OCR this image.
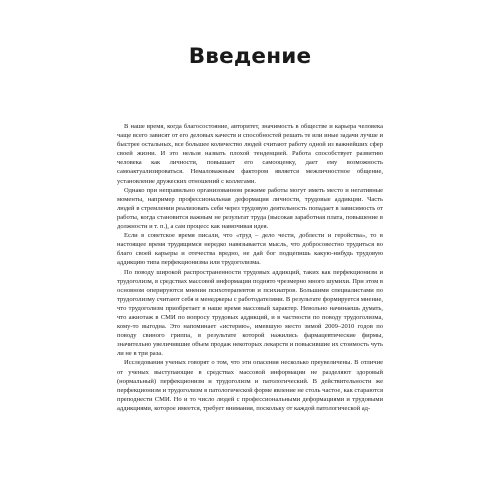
Введение

В наше время, когда благосостояние, авторитет, значимость в обществе и карьера человека чаще всего зависят от его деловых качеств и способностей решать те или иные задачи лучше и быстрее остальных, все большее количество людей считают работу одной из важнейших сфер своей жизни. И это нельзя назвать плохой тенденцией. Работа способствует развитию человека как личности, повышает его самооценку, дает ему возможность самоактуализироваться. Немаловажным фактором является межличностное общение, установление дружеских отношений с коллегами.

Однако при неправильно организованном режиме работы могут иметь место и негативные моменты, например профессиональная деформация личности, трудовые аддикции. Часть людей в стремлении реализовать себя через трудовую деятельность попадает в зависимость от работы, когда становится важным не результат труда (высокая заработная плата, повышение в должности и т. п.), а сам процесс как навязчивая идея.

Если в советское время писали, что «труд – дело чести, доблести и геройства», то в настоящее время трудящимся нередко навязывается мысль, что добросовестно трудиться во благо своей карьеры и отечества вредно, не дай бог подцепишь какую-нибудь трудовую аддикцию типа перфекционизма или трудоголизма.

По поводу широкой распространенности трудовых аддикций, таких как перфекционизм и трудоголизм, в средствах массовой информации поднято чрезмерно много шумихи. При этом в основном оперируются мнения психотерапевтов и психиатров. Большими специалистами по трудоголизму считают себя и менеджеры с работодателями. В результате формируется мнение, что трудоголизм приобретает в наше время массовый характер. Невольно начинаешь думать, что ажиотаж в СМИ по вопросу трудовых аддикций, и в частности по поводу трудоголизма, кому-то выгодна. Это напоминает «истерию», имевшую место зимой 2009–2010 годов по поводу свиного гриппа, в результате которой нажились фармацевтические фирмы, значительно увеличившие объем продаж некоторых лекарств и повысившие их стоимость чуть ли не в три раза.

Исследования ученых говорят о том, что эти опасения несколько преувеличены. В отличие от ученых выступающие в средствах массовой информации не разделяют здоровый (нормальный) перфекционизм и трудоголизм и патологический. В действительности же перфекционизм и трудоголизм в патологической форме явление не столь частое, как стараются преподнести СМИ. Но и то число людей с профессиональными деформациями и трудовыми аддикциями, которое имеется, требует внимания, поскольку от каждой патологической ад-
